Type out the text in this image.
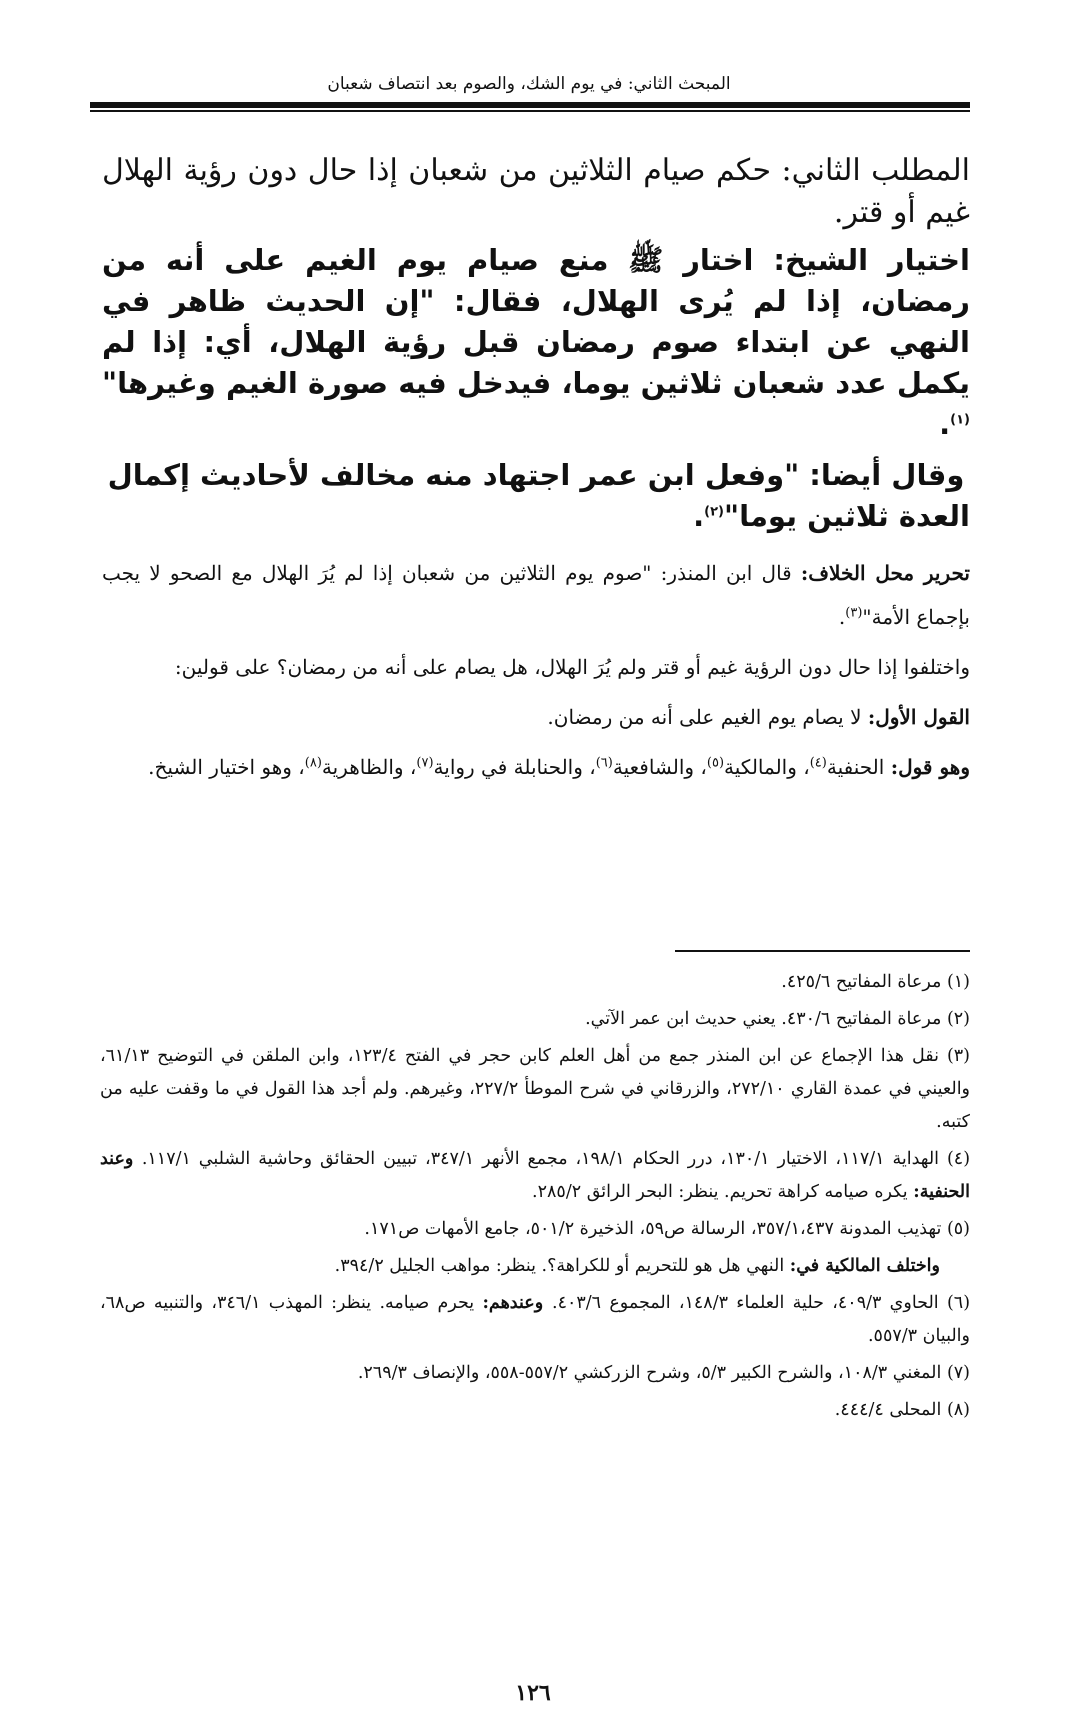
المبحث الثاني: في يوم الشك، والصوم بعد انتصاف شعبان

المطلب الثاني: حكم صيام الثلاثين من شعبان إذا حال دون رؤية الهلال غيم أو قتر.

اختيار الشيخ: اختار ﷺ منع صيام يوم الغيم على أنه من رمضان، إذا لم يُرى الهلال، فقال: "إن الحديث ظاهر في النهي عن ابتداء صوم رمضان قبل رؤية الهلال، أي: إذا لم يكمل عدد شعبان ثلاثين يوما، فيدخل فيه صورة الغيم وغيرها"$^{(١)}$.

وقال أيضا: "وفعل ابن عمر اجتهاد منه مخالف لأحاديث إكمال العدة ثلاثين يوما"$^{(٢)}$.

تحرير محل الخلاف: قال ابن المنذر: "صوم يوم الثلاثين من شعبان إذا لم يُرَ الهلال مع الصحو لا يجب بإجماع الأمة"$^{(٣)}$.

واختلفوا إذا حال دون الرؤية غيم أو قتر ولم يُرَ الهلال، هل يصام على أنه من رمضان؟ على قولين:

القول الأول: لا يصام يوم الغيم على أنه من رمضان.

وهو قول: الحنفية$^{(٤)}$، والمالكية$^{(٥)}$، والشافعية$^{(٦)}$، والحنابلة في رواية$^{(٧)}$، والظاهرية$^{(٨)}$، وهو اختيار الشيخ.

(١) مرعاة المفاتيح ٤٢٥/٦.

(٢) مرعاة المفاتيح ٤٣٠/٦. يعني حديث ابن عمر الآتي.

(٣) نقل هذا الإجماع عن ابن المنذر جمع من أهل العلم كابن حجر في الفتح ١٢٣/٤، وابن الملقن في التوضيح ٦١/١٣، والعيني في عمدة القاري ٢٧٢/١٠، والزرقاني في شرح الموطأ ٢٢٧/٢، وغيرهم. ولم أجد هذا القول في ما وقفت عليه من كتبه.

(٤) الهداية ١١٧/١، الاختيار ١٣٠/١، درر الحكام ١٩٨/١، مجمع الأنهر ٣٤٧/١، تبيين الحقائق وحاشية الشلبي ١١٧/١. وعند الحنفية: يكره صيامه كراهة تحريم. ينظر: البحر الرائق ٢٨٥/٢.

(٥) تهذيب المدونة ٣٥٧/١،٤٣٧، الرسالة ص٥٩، الذخيرة ٥٠١/٢، جامع الأمهات ص١٧١.

واختلف المالكية في: النهي هل هو للتحريم أو للكراهة؟. ينظر: مواهب الجليل ٣٩٤/٢.

(٦) الحاوي ٤٠٩/٣، حلية العلماء ١٤٨/٣، المجموع ٤٠٣/٦. وعندهم: يحرم صيامه. ينظر: المهذب ٣٤٦/١، والتنبيه ص٦٨، والبيان ٥٥٧/٣.

(٧) المغني ١٠٨/٣، والشرح الكبير ٥/٣، وشرح الزركشي ٥٥٧/٢-٥٥٨، والإنصاف ٢٦٩/٣.

(٨) المحلى ٤٤٤/٤.

١٢٦
